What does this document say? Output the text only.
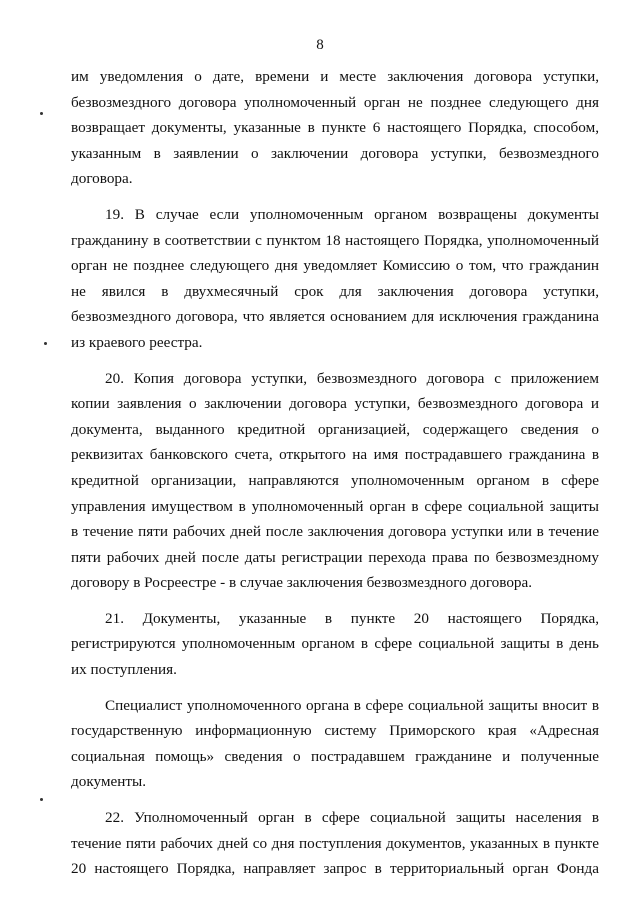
8
им уведомления о дате, времени и месте заключения договора уступки,
безвозмездного договора уполномоченный орган не позднее следующего дня
возвращает документы, указанные в пункте 6 настоящего Порядка, способом,
указанным в заявлении о заключении договора уступки, безвозмездного
договора.
19. В случае если уполномоченным органом возвращены документы
гражданину в соответствии с пунктом 18 настоящего Порядка, уполномоченный
орган не позднее следующего дня уведомляет Комиссию о том, что гражданин
не явился в двухмесячный срок для заключения договора уступки,
безвозмездного договора, что является основанием для исключения гражданина
из краевого реестра.
20. Копия договора уступки, безвозмездного договора с приложением
копии заявления о заключении договора уступки, безвозмездного договора и
документа, выданного кредитной организацией, содержащего сведения о
реквизитах банковского счета, открытого на имя пострадавшего гражданина в
кредитной организации, направляются уполномоченным органом в сфере
управления имуществом в уполномоченный орган в сфере социальной защиты
в течение пяти рабочих дней после заключения договора уступки или в течение
пяти рабочих дней после даты регистрации перехода права по безвозмездному
договору в Росреестре - в случае заключения безвозмездного договора.
21. Документы, указанные в пункте 20 настоящего Порядка,
регистрируются уполномоченным органом в сфере социальной защиты в день
их поступления.
Специалист уполномоченного органа в сфере социальной защиты вносит в
государственную информационную систему Приморского края «Адресная
социальная помощь» сведения о пострадавшем гражданине и полученные
документы.
22. Уполномоченный орган в сфере социальной защиты населения в
течение пяти рабочих дней со дня поступления документов, указанных в пункте
20 настоящего Порядка, направляет запрос в территориальный орган Фонда
